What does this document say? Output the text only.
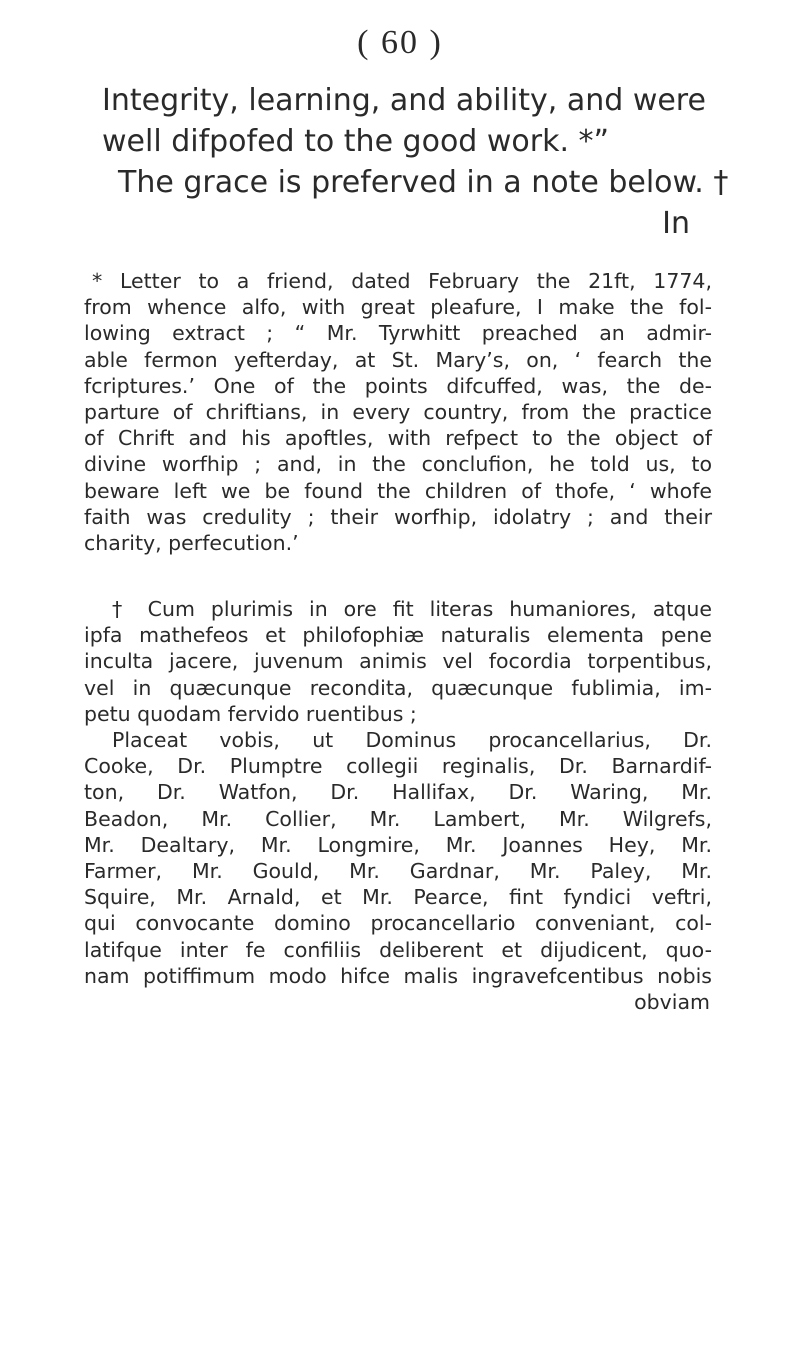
( 60 )
Integrity, learning, and ability, and were
well difpofed to the good work. *”
The grace is preferved in a note below. †
In
* Letter to a friend, dated February the 21ft, 1774,
from whence alfo, with great pleafure, I make the fol-
lowing extract ; “ Mr. Tyrwhitt preached an admir-
able fermon yefterday, at St. Mary’s, on, ‘ fearch the
fcriptures.’ One of the points difcuffed, was, the de-
parture of chriftians, in every country, from the practice
of Chrift and his apoftles, with refpect to the object of
divine worfhip ; and, in the conclufion, he told us, to
beware left we be found the children of thofe, ‘ whofe
faith was credulity ; their worfhip, idolatry ; and their
charity, perfecution.’
† Cum plurimis in ore fit literas humaniores, atque
ipfa mathefeos et philofophiæ naturalis elementa pene
inculta jacere, juvenum animis vel focordia torpentibus,
vel in quæcunque recondita, quæcunque fublimia, im-
petu quodam fervido ruentibus ;
Placeat vobis, ut Dominus procancellarius, Dr.
Cooke, Dr. Plumptre collegii reginalis, Dr. Barnardif-
ton, Dr. Watfon, Dr. Hallifax, Dr. Waring, Mr.
Beadon, Mr. Collier, Mr. Lambert, Mr. Wilgrefs,
Mr. Dealtary, Mr. Longmire, Mr. Joannes Hey, Mr.
Farmer, Mr. Gould, Mr. Gardnar, Mr. Paley, Mr.
Squire, Mr. Arnald, et Mr. Pearce, fint fyndici veftri,
qui convocante domino procancellario conveniant, col-
latifque inter fe confiliis deliberent et dijudicent, quo-
nam potiffimum modo hifce malis ingravefcentibus nobis
obviam
